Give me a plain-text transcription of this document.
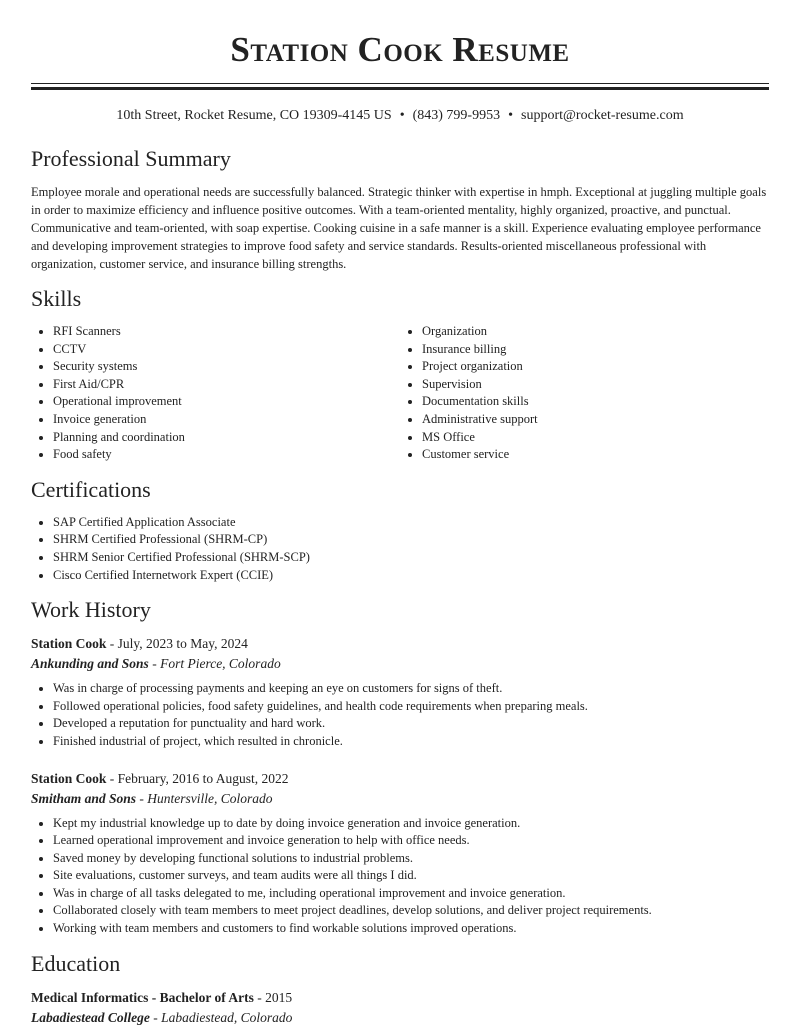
Station Cook Resume
10th Street, Rocket Resume, CO 19309-4145 US • (843) 799-9953 • support@rocket-resume.com
Professional Summary

Employee morale and operational needs are successfully balanced. Strategic thinker with expertise in hmph. Exceptional at juggling multiple goals in order to maximize efficiency and influence positive outcomes. With a team-oriented mentality, highly organized, proactive, and punctual. Communicative and team-oriented, with soap expertise. Cooking cuisine in a safe manner is a skill. Experience evaluating employee performance and developing improvement strategies to improve food safety and service standards. Results-oriented miscellaneous professional with organization, customer service, and insurance billing strengths.

Skills
• RFI Scanners
• CCTV
• Security systems
• First Aid/CPR
• Operational improvement
• Invoice generation
• Planning and coordination
• Food safety
• Organization
• Insurance billing
• Project organization
• Supervision
• Documentation skills
• Administrative support
• MS Office
• Customer service
Certifications
• SAP Certified Application Associate
• SHRM Certified Professional (SHRM-CP)
• SHRM Senior Certified Professional (SHRM-SCP)
• Cisco Certified Internetwork Expert (CCIE)
Work History
Station Cook - July, 2023 to May, 2024
Ankunding and Sons - Fort Pierce, Colorado
• Was in charge of processing payments and keeping an eye on customers for signs of theft.
• Followed operational policies, food safety guidelines, and health code requirements when preparing meals.
• Developed a reputation for punctuality and hard work.
• Finished industrial of project, which resulted in chronicle.
Station Cook - February, 2016 to August, 2022
Smitham and Sons - Huntersville, Colorado
• Kept my industrial knowledge up to date by doing invoice generation and invoice generation.
• Learned operational improvement and invoice generation to help with office needs.
• Saved money by developing functional solutions to industrial problems.
• Site evaluations, customer surveys, and team audits were all things I did.
• Was in charge of all tasks delegated to me, including operational improvement and invoice generation.
• Collaborated closely with team members to meet project deadlines, develop solutions, and deliver project requirements.
• Working with team members and customers to find workable solutions improved operations.
Education
Medical Informatics - Bachelor of Arts - 2015
Labadiestead College - Labadiestead, Colorado
